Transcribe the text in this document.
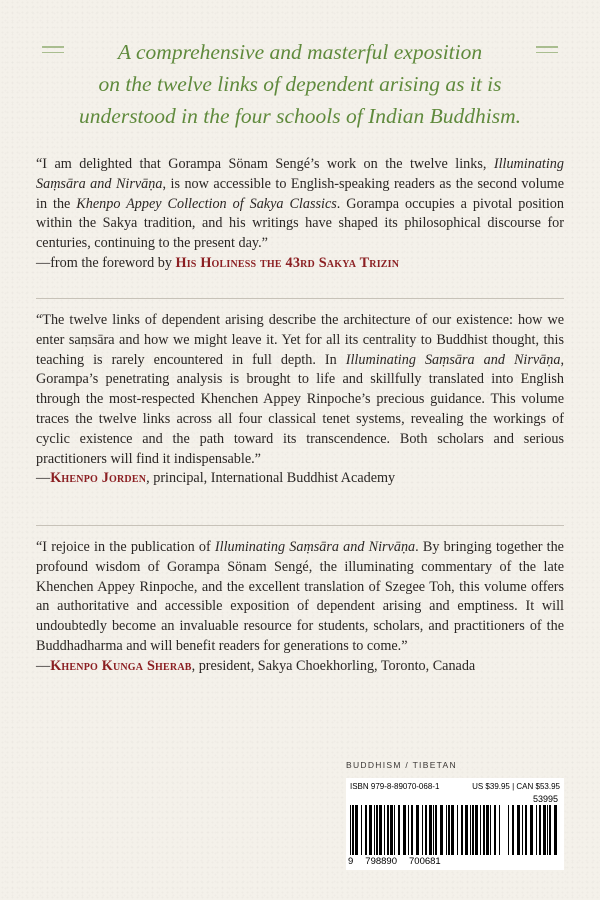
A comprehensive and masterful exposition
on the twelve links of dependent arising as it is
understood in the four schools of Indian Buddhism.

“I am delighted that Gorampa Sönam Sengé’s work on the twelve links, Illuminating Saṃsāra and Nirvāṇa, is now accessible to English-speaking readers as the second volume in the Khenpo Appey Collection of Sakya Classics. Gorampa occupies a pivotal position within the Sakya tradition, and his writings have shaped its philosophical discourse for centuries, continuing to the present day.”

—from the foreword by His Holiness the 43rd Sakya Trizin

“The twelve links of dependent arising describe the architecture of our existence: how we enter saṃsāra and how we might leave it. Yet for all its centrality to Buddhist thought, this teaching is rarely encountered in full depth. In Illuminating Saṃsāra and Nirvāṇa, Gorampa’s penetrating analysis is brought to life and skillfully translated into English through the most-respected Khenchen Appey Rinpoche’s precious guidance. This volume traces the twelve links across all four classical tenet systems, revealing the workings of cyclic existence and the path toward its transcendence. Both scholars and serious practitioners will find it indispensable.”

—Khenpo Jorden, principal, International Buddhist Academy

“I rejoice in the publication of Illuminating Saṃsāra and Nirvāṇa. By bringing together the profound wisdom of Gorampa Sönam Sengé, the illuminating commentary of the late Khenchen Appey Rinpoche, and the excellent translation of Szegee Toh, this volume offers an authoritative and accessible exposition of dependent arising and emptiness. It will undoubtedly become an invaluable resource for students, scholars, and practitioners of the Buddhadharma and will benefit readers for generations to come.”

—Khenpo Kunga Sherab, president, Sakya Choekhorling, Toronto, Canada

BUDDHISM / TIBETAN
ISBN 979-8-89070-068-1	US $39.95 | CAN $53.95
53995
9 798890 700681
